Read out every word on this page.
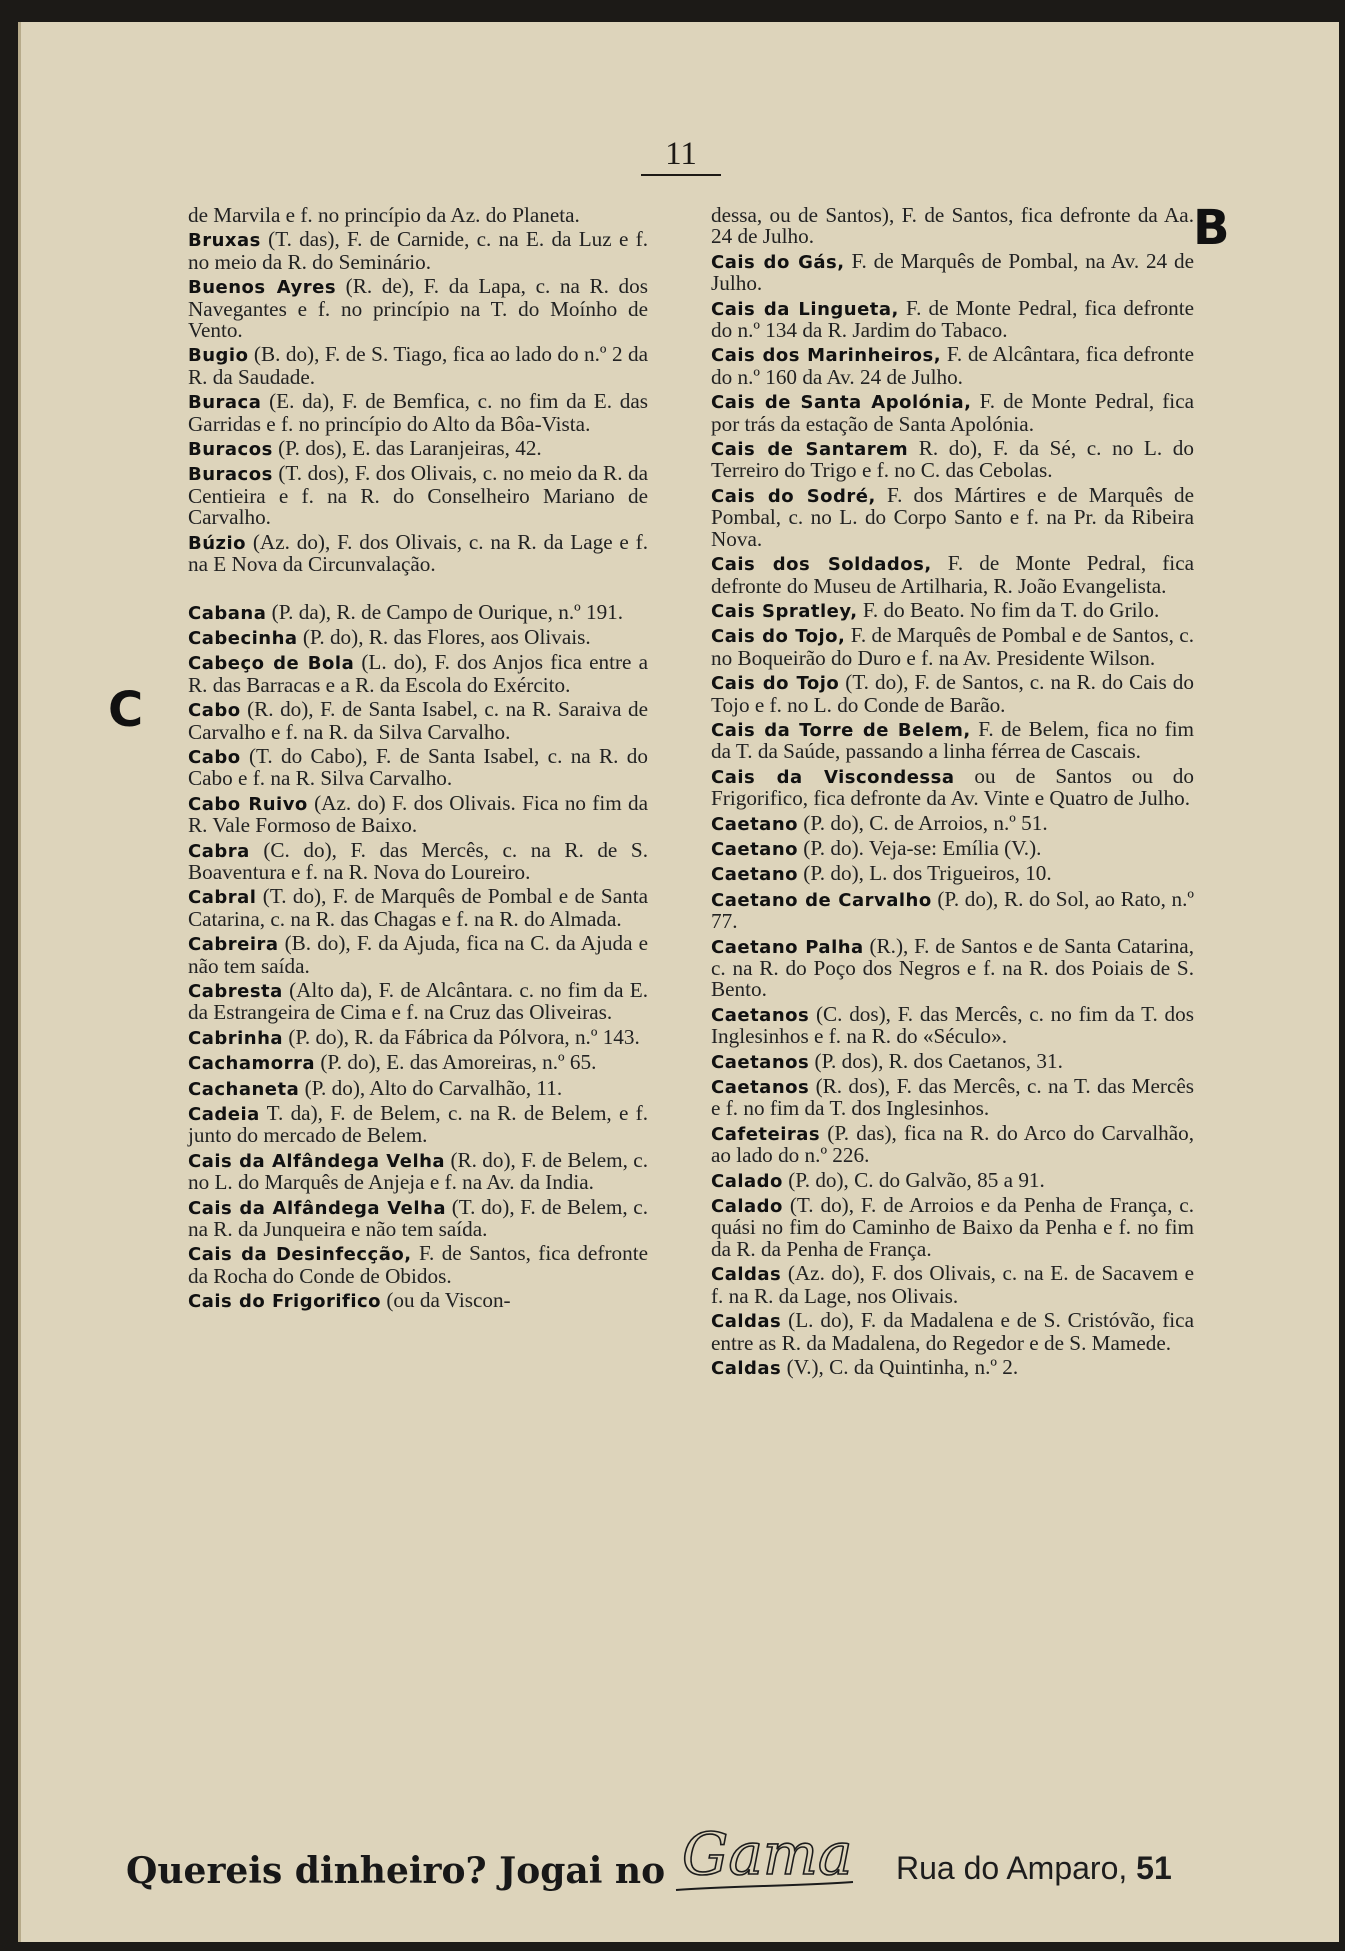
11
B
C

de Marvila e f. no princípio da Az. do Planeta.

Bruxas (T. das), F. de Carnide, c. na E. da Luz e f. no meio da R. do Seminário.

Buenos Ayres (R. de), F. da Lapa, c. na R. dos Navegantes e f. no princípio na T. do Moínho de Vento.

Bugio (B. do), F. de S. Tiago, fica ao lado do n.º 2 da R. da Saudade.

Buraca (E. da), F. de Bemfica, c. no fim da E. das Garridas e f. no princípio do Alto da Bôa-Vista.

Buracos (P. dos), E. das Laranjeiras, 42.

Buracos (T. dos), F. dos Olivais, c. no meio da R. da Centieira e f. na R. do Conselheiro Mariano de Carvalho.

Búzio (Az. do), F. dos Olivais, c. na R. da Lage e f. na E Nova da Circunvalação.

Cabana (P. da), R. de Campo de Ourique, n.º 191.

Cabecinha (P. do), R. das Flores, aos Olivais.

Cabeço de Bola (L. do), F. dos Anjos fica entre a R. das Barracas e a R. da Escola do Exército.

Cabo (R. do), F. de Santa Isabel, c. na R. Saraiva de Carvalho e f. na R. da Silva Carvalho.

Cabo (T. do Cabo), F. de Santa Isabel, c. na R. do Cabo e f. na R. Silva Carvalho.

Cabo Ruivo (Az. do) F. dos Olivais. Fica no fim da R. Vale Formoso de Baixo.

Cabra (C. do), F. das Mercês, c. na R. de S. Boaventura e f. na R. Nova do Loureiro.

Cabral (T. do), F. de Marquês de Pombal e de Santa Catarina, c. na R. das Chagas e f. na R. do Almada.

Cabreira (B. do), F. da Ajuda, fica na C. da Ajuda e não tem saída.

Cabresta (Alto da), F. de Alcântara. c. no fim da E. da Estrangeira de Cima e f. na Cruz das Oliveiras.

Cabrinha (P. do), R. da Fábrica da Pólvora, n.º 143.

Cachamorra (P. do), E. das Amoreiras, n.º 65.

Cachaneta (P. do), Alto do Carvalhão, 11.

Cadeia T. da), F. de Belem, c. na R. de Belem, e f. junto do mercado de Belem.

Cais da Alfândega Velha (R. do), F. de Belem, c. no L. do Marquês de Anjeja e f. na Av. da India.

Cais da Alfândega Velha (T. do), F. de Belem, c. na R. da Junqueira e não tem saída.

Cais da Desinfecção, F. de Santos, fica defronte da Rocha do Conde de Obidos.

Cais do Frigorifico (ou da Viscon-

dessa, ou de Santos), F. de Santos, fica defronte da Aa. 24 de Julho.

Cais do Gás, F. de Marquês de Pombal, na Av. 24 de Julho.

Cais da Lingueta, F. de Monte Pedral, fica defronte do n.º 134 da R. Jardim do Tabaco.

Cais dos Marinheiros, F. de Alcântara, fica defronte do n.º 160 da Av. 24 de Julho.

Cais de Santa Apolónia, F. de Monte Pedral, fica por trás da estação de Santa Apolónia.

Cais de Santarem R. do), F. da Sé, c. no L. do Terreiro do Trigo e f. no C. das Cebolas.

Cais do Sodré, F. dos Mártires e de Marquês de Pombal, c. no L. do Corpo Santo e f. na Pr. da Ribeira Nova.

Cais dos Soldados, F. de Monte Pedral, fica defronte do Museu de Artilharia, R. João Evangelista.

Cais Spratley, F. do Beato. No fim da T. do Grilo.

Cais do Tojo, F. de Marquês de Pombal e de Santos, c. no Boqueirão do Duro e f. na Av. Presidente Wilson.

Cais do Tojo (T. do), F. de Santos, c. na R. do Cais do Tojo e f. no L. do Conde de Barão.

Cais da Torre de Belem, F. de Belem, fica no fim da T. da Saúde, passando a linha férrea de Cascais.

Cais da Viscondessa ou de Santos ou do Frigorifico, fica defronte da Av. Vinte e Quatro de Julho.

Caetano (P. do), C. de Arroios, n.º 51.

Caetano (P. do). Veja-se: Emília (V.).

Caetano (P. do), L. dos Trigueiros, 10.

Caetano de Carvalho (P. do), R. do Sol, ao Rato, n.º 77.

Caetano Palha (R.), F. de Santos e de Santa Catarina, c. na R. do Poço dos Negros e f. na R. dos Poiais de S. Bento.

Caetanos (C. dos), F. das Mercês, c. no fim da T. dos Inglesinhos e f. na R. do «Século».

Caetanos (P. dos), R. dos Caetanos, 31.

Caetanos (R. dos), F. das Mercês, c. na T. das Mercês e f. no fim da T. dos Inglesinhos.

Cafeteiras (P. das), fica na R. do Arco do Carvalhão, ao lado do n.º 226.

Calado (P. do), C. do Galvão, 85 a 91.

Calado (T. do), F. de Arroios e da Penha de França, c. quási no fim do Caminho de Baixo da Penha e f. no fim da R. da Penha de França.

Caldas (Az. do), F. dos Olivais, c. na E. de Sacavem e f. na R. da Lage, nos Olivais.

Caldas (L. do), F. da Madalena e de S. Cristóvão, fica entre as R. da Madalena, do Regedor e de S. Mamede.

Caldas (V.), C. da Quintinha, n.º 2.

Quereis dinheiro? Jogai no Gama Rua do Amparo, 51
